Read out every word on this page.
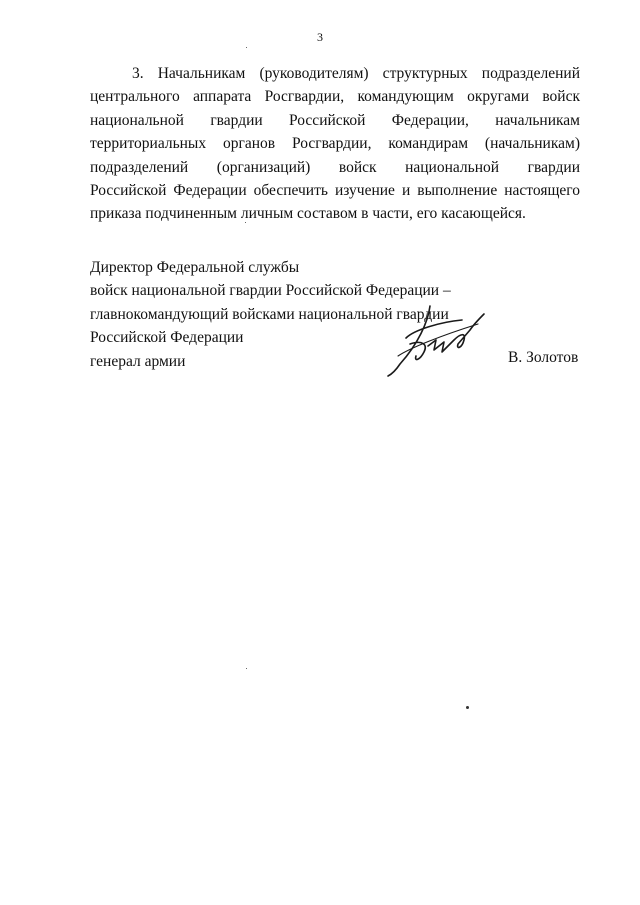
3

3. Начальникам (руководителям) структурных подразделений
центрального аппарата Росгвардии, командующим округами войск
национальной гвардии Российской Федерации, начальникам
территориальных органов Росгвардии, командирам (начальникам)
подразделений (организаций) войск национальной гвардии
Российской Федерации обеспечить изучение и выполнение настоящего
приказа подчиненным личным составом в части, его касающейся.

Директор Федеральной службы
войск национальной гвардии Российской Федерации –
главнокомандующий войсками национальной гвардии
Российской Федерации
генерал армии	В. Золотов
